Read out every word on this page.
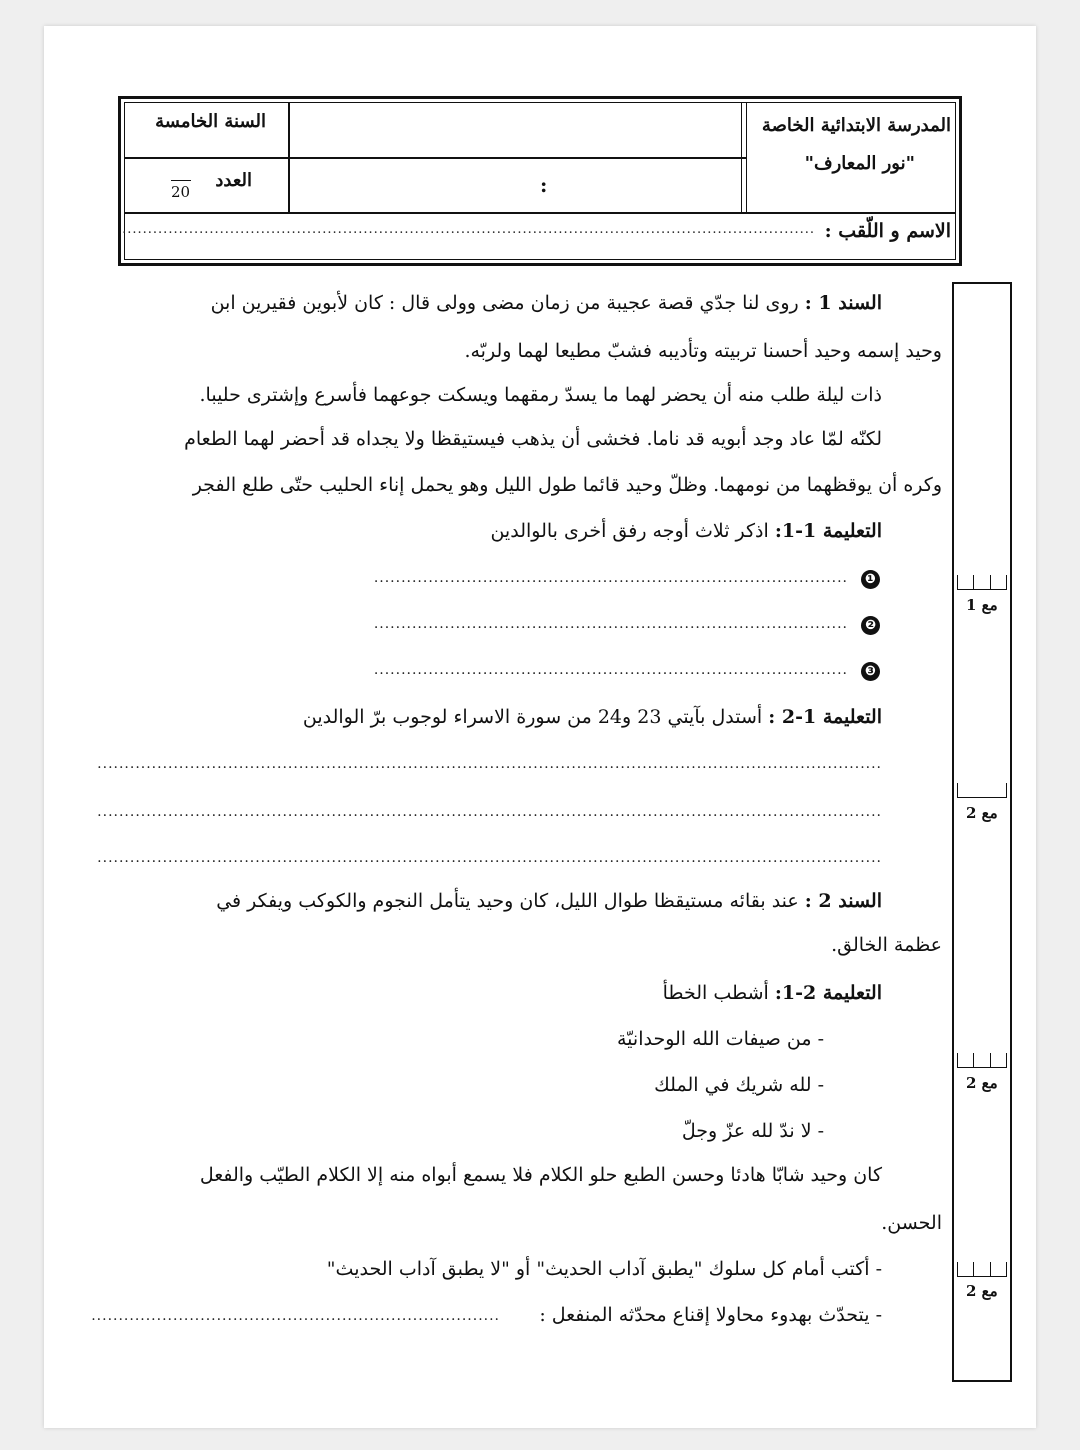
المدرسة الابتدائية الخاصة
"نور المعارف"
:
السنة الخامسة
العدد
20
الاسم و اللّقب :
.......................................................................................................................................
مع 1
مع 2
مع 2
مع 2
السند 1 : روى لنا جدّي قصة عجيبة من زمان مضى وولى قال : كان لأبوين فقيرين ابن
وحيد إسمه وحيد أحسنا تربيته وتأديبه فشبّ مطيعا لهما ولربّه.
ذات ليلة طلب منه أن يحضر لهما ما يسدّ رمقهما ويسكت جوعهما فأسرع وإشترى حليبا.
لكنّه لمّا عاد وجد أبويه قد ناما. فخشى أن يذهب فيستيقظا ولا يجداه قد أحضر لهما الطعام
وكره أن يوقظهما من نومهما. وظلّ وحيد قائما طول الليل وهو يحمل إناء الحليب حتّى طلع الفجر
التعليمة 1-1: اذكر ثلاث أوجه رفق أخرى بالوالدين
❶
.......................................................................................
❷
.......................................................................................
❸
.......................................................................................
التعليمة 1-2 : أستدل بآيتي 23 و24 من سورة الاسراء لوجوب برّ الوالدين
................................................................................................................................................
................................................................................................................................................
................................................................................................................................................
السند 2 : عند بقائه مستيقظا طوال الليل، كان وحيد يتأمل النجوم والكوكب ويفكر في
عظمة الخالق.
التعليمة 2-1: أشطب الخطأ
- من صيفات الله الوحدانيّة
- لله شريك في الملك
- لا ندّ لله عزّ وجلّ
كان وحيد شابّا هادئا وحسن الطبع حلو الكلام فلا يسمع أبواه منه إلا الكلام الطيّب والفعل
الحسن.
- أكتب أمام كل سلوك "يطبق آداب الحديث" أو "لا يطبق آداب الحديث"
- يتحدّث بهدوء محاولا إقناع محدّثه المنفعل :
...........................................................................
